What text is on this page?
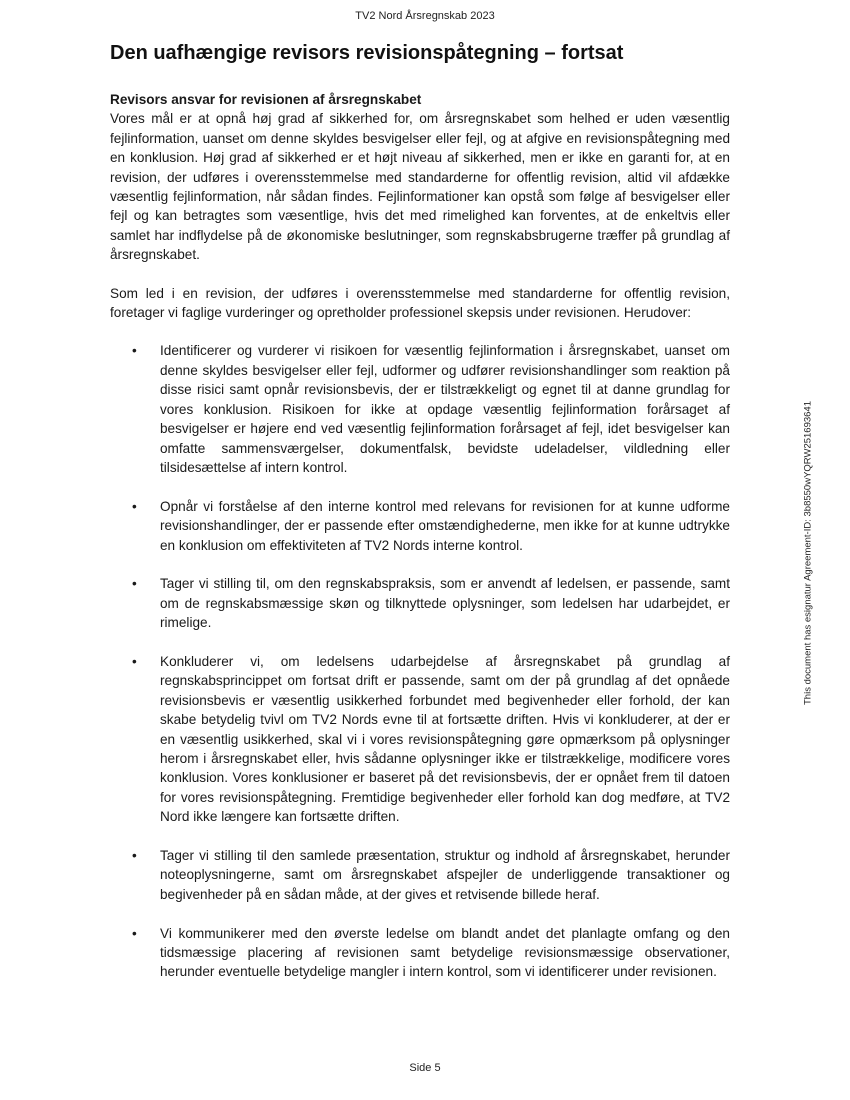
TV2 Nord Årsregnskab 2023
Den uafhængige revisors revisionspåtegning – fortsat

Revisors ansvar for revisionen af årsregnskabet

Vores mål er at opnå høj grad af sikkerhed for, om årsregnskabet som helhed er uden væsentlig fejlinformation, uanset om denne skyldes besvigelser eller fejl, og at afgive en revisionspåtegning med en konklusion. Høj grad af sikkerhed er et højt niveau af sikkerhed, men er ikke en garanti for, at en revision, der udføres i overensstemmelse med standarderne for offentlig revision, altid vil afdække væsentlig fejlinformation, når sådan findes. Fejlinformationer kan opstå som følge af besvigelser eller fejl og kan betragtes som væsentlige, hvis det med rimelighed kan forventes, at de enkeltvis eller samlet har indflydelse på de økonomiske beslutninger, som regnskabsbrugerne træffer på grundlag af årsregnskabet.

Som led i en revision, der udføres i overensstemmelse med standarderne for offentlig revision, foretager vi faglige vurderinger og opretholder professionel skepsis under revisionen. Herudover:

• Identificerer og vurderer vi risikoen for væsentlig fejlinformation i årsregnskabet, uanset om denne skyldes besvigelser eller fejl, udformer og udfører revisionshandlinger som reaktion på disse risici samt opnår revisionsbevis, der er tilstrækkeligt og egnet til at danne grundlag for vores konklusion. Risikoen for ikke at opdage væsentlig fejlinformation forårsaget af besvigelser er højere end ved væsentlig fejlinformation forårsaget af fejl, idet besvigelser kan omfatte sammensværgelser, dokumentfalsk, bevidste udeladelser, vildledning eller tilsidesættelse af intern kontrol.
• Opnår vi forståelse af den interne kontrol med relevans for revisionen for at kunne udforme revisionshandlinger, der er passende efter omstændighederne, men ikke for at kunne udtrykke en konklusion om effektiviteten af TV2 Nords interne kontrol.
• Tager vi stilling til, om den regnskabspraksis, som er anvendt af ledelsen, er passende, samt om de regnskabsmæssige skøn og tilknyttede oplysninger, som ledelsen har udarbejdet, er rimelige.
• Konkluderer vi, om ledelsens udarbejdelse af årsregnskabet på grundlag af regnskabsprincippet om fortsat drift er passende, samt om der på grundlag af det opnåede revisionsbevis er væsentlig usikkerhed forbundet med begivenheder eller forhold, der kan skabe betydelig tvivl om TV2 Nords evne til at fortsætte driften. Hvis vi konkluderer, at der er en væsentlig usikkerhed, skal vi i vores revisionspåtegning gøre opmærksom på oplysninger herom i årsregnskabet eller, hvis sådanne oplysninger ikke er tilstrækkelige, modificere vores konklusion. Vores konklusioner er baseret på det revisionsbevis, der er opnået frem til datoen for vores revisionspåtegning. Fremtidige begivenheder eller forhold kan dog medføre, at TV2 Nord ikke længere kan fortsætte driften.
• Tager vi stilling til den samlede præsentation, struktur og indhold af årsregnskabet, herunder noteoplysningerne, samt om årsregnskabet afspejler de underliggende transaktioner og begivenheder på en sådan måde, at der gives et retvisende billede heraf.
• Vi kommunikerer med den øverste ledelse om blandt andet det planlagte omfang og den tidsmæssige placering af revisionen samt betydelige revisionsmæssige observationer, herunder eventuelle betydelige mangler i intern kontrol, som vi identificerer under revisionen.
This document has esignatur Agreement-ID: 3b8550wYQRW251693641
Side 5
